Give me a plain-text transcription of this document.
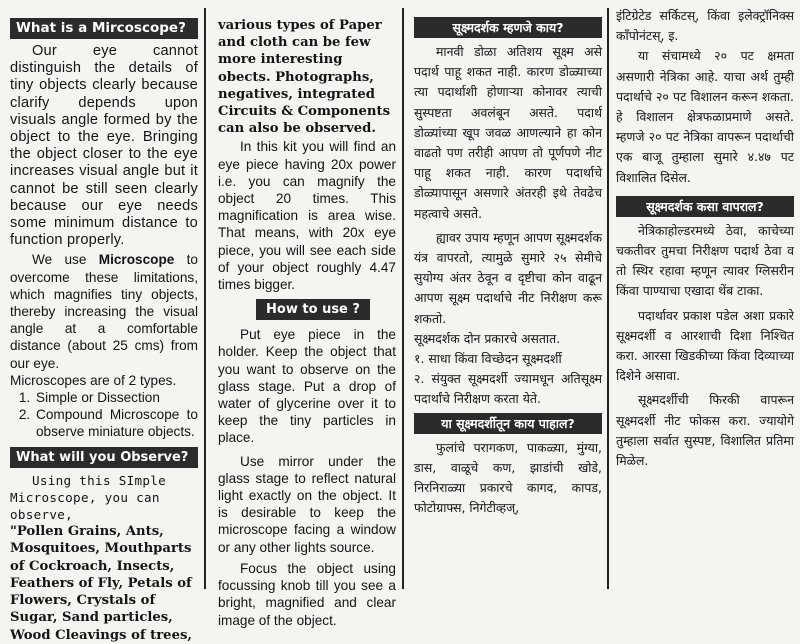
What is a Mircoscope?

Our eye cannot distinguish the details of tiny objects clearly because clarify depends upon visuals angle formed by the object to the eye. Bringing the object closer to the eye increases visual angle but it cannot be still seen clearly because our eye needs some minimum distance to function properly.

We use Microscope to overcome these limitations, which magnifies tiny objects, thereby increasing the visual angle at a comfortable distance (about 25 cms) from our eye.

Microscopes are of 2 types.

1. Simple or Dissection
2. Compound Microscope to observe miniature objects.
What will you Observe?

Using this SImple Microscope, you can observe,

"Pollen Grains, Ants, Mosquitoes, Mouthparts of Cockroach, Insects, Feathers of Fly, Petals of Flowers, Crystals of Sugar, Sand particles, Wood Cleavings of trees,

various types of Paper and cloth can be few more interesting obects. Photographs, negatives, integrated Circuits & Components can also be observed.

In this kit you will find an eye piece having 20x power i.e. you can magnify the object 20 times. This magnification is area wise. That means, with 20x eye piece, you will see each side of your object roughly 4.47 times bigger.

How to use ?

Put eye piece in the holder. Keep the object that you want to observe on the glass stage. Put a drop of water of glycerine over it to keep the tiny particles in place.

Use mirror under the glass stage to reflect natural light exactly on the object. It is desirable to keep the microscope facing a window or any other lights source.

Focus the object using focussing knob till you see a bright, magnified and clear image of the object.

सूक्ष्मदर्शक म्हणजे काय?

मानवी डोळा अतिशय सूक्ष्म असे पदार्थ पाहू शकत नाही. कारण डोळ्याच्या त्या पदार्थाशी होणाऱ्या कोनावर त्याची सुस्पष्टता अवलंबून असते. पदार्थ डोळ्यांच्या खूप जवळ आणल्याने हा कोन वाढतो पण तरीही आपण तो पूर्णपणे नीट पाहू शकत नाही. कारण पदार्थाचे डोळ्यापासून असणारे अंतरही इथे तेवढेच महत्वाचे असते.

ह्यावर उपाय म्हणून आपण सूक्ष्मदर्शक यंत्र वापरतो, त्यामुळे सुमारे २५ सेमीचे सुयोग्य अंतर ठेवून व दृष्टीचा कोन वाढून आपण सूक्ष्म पदार्थाचे नीट निरीक्षण करू शकतो.

सूक्ष्मदर्शक दोन प्रकारचे असतात.

१. साधा किंवा विच्छेदन सूक्ष्मदर्शी

२. संयुक्त सूक्ष्मदर्शी ज्यामधून अतिसूक्ष्म पदार्थांचे निरीक्षण करता येते.

या सूक्ष्मदर्शीतून काय पाहाल?

फुलांचे परागकण, पाकळ्या, मुंग्या, डास, वाळूचे कण, झाडांची खोडे, निरनिराळ्या प्रकारचे कागद, कापड, फोटोग्राफ्स, निगेटीव्हज्,

इंटिग्रेटेड सर्किटस्, किंवा इलेक्ट्रॉनिक्स कॉंपोनंटस्, इ.

या संचामध्ये २० पट क्षमता असणारी नेत्रिका आहे. याचा अर्थ तुम्ही पदार्थाचे २० पट विशालन करून शकता. हे विशालन क्षेत्रफळाप्रमाणे असते. म्हणजे २० पट नेत्रिका वापरून पदार्थाची एक बाजू तुम्हाला सुमारे ४.४७ पट विशालित दिसेल.

सूक्ष्मदर्शक कसा वापराल?

नेत्रिकाहोल्डरमध्ये ठेवा, काचेच्या चकतीवर तुमचा निरीक्षण पदार्थ ठेवा व तो स्थिर रहावा म्हणून त्यावर ग्लिसरीन किंवा पाण्याचा एखादा थेंब टाका.

पदार्थावर प्रकाश पडेल अशा प्रकारे सूक्ष्मदर्शी व आरशाची दिशा निश्चित करा. आरसा खिडकीच्या किंवा दिव्याच्या दिशेने असावा.

सूक्ष्मदर्शीची फिरकी वापरून सूक्ष्मदर्शी नीट फोकस करा. ज्यायोगे तुम्हाला सर्वात सुस्पष्ट, विशालित प्रतिमा मिळेल.
